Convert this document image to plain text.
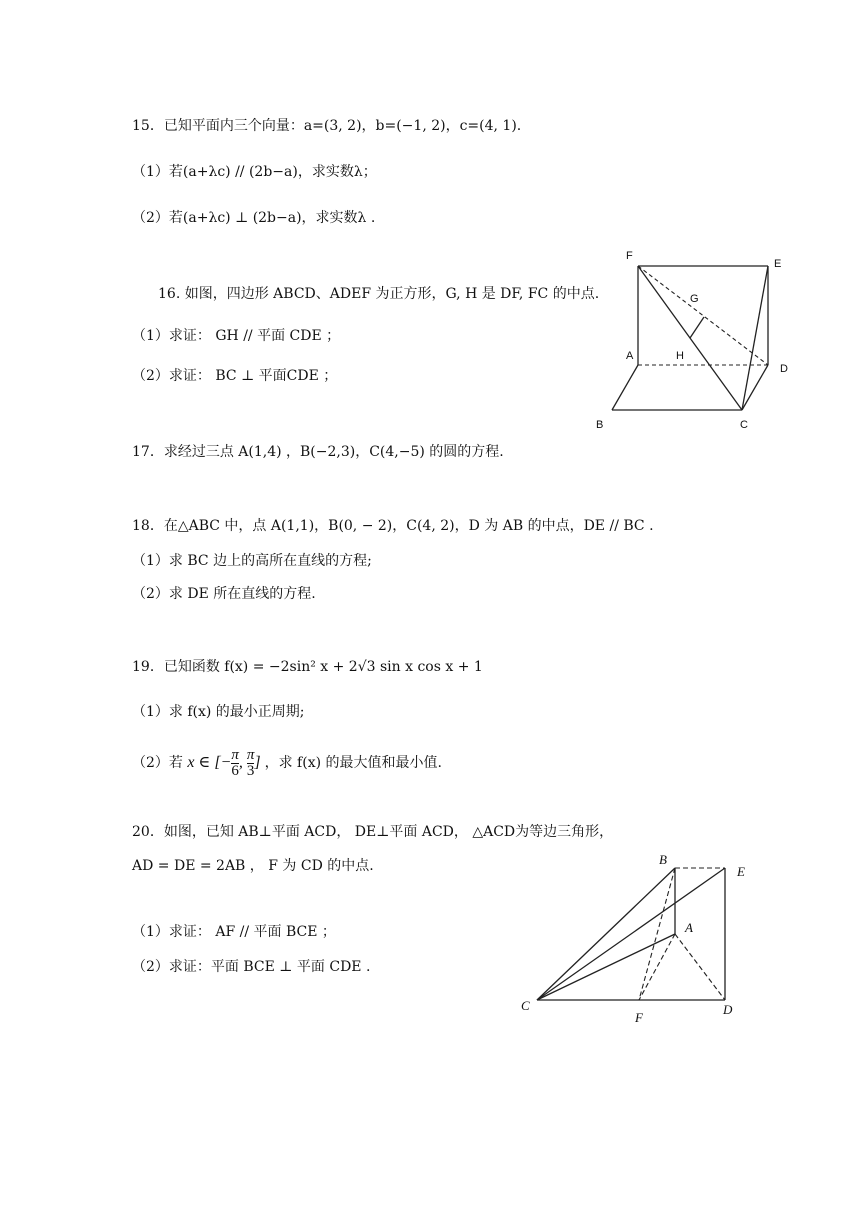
15．已知平面内三个向量：a=(3, 2)，b=(−1, 2)，c=(4, 1).
（1）若(a+λc) // (2b−a)，求实数λ；
（2）若(a+λc) ⊥ (2b−a)，求实数λ .
16. 如图，四边形 ABCD、ADEF 为正方形，G, H 是 DF, FC 的中点.
（1）求证： GH // 平面 CDE ；
（2）求证： BC ⊥ 平面CDE ；
F
E
G
A	H
D
B	C
17．求经过三点 A(1,4) ，B(−2,3)，C(4,−5) 的圆的方程.
18．在△ABC 中，点 A(1,1)，B(0, − 2)，C(4, 2)，D 为 AB 的中点，DE // BC .
（1）求 BC 边上的高所在直线的方程;
（2）求 DE 所在直线的方程.
19．已知函数 f(x) = −2sin² x + 2√3 sin x cos x + 1
（1）求 f(x) 的最小正周期;
（2）若 x ∈ [− $\frac{\pi}{6}$ , $\frac{\pi}{3}$ ] ，求 f(x) 的最大值和最小值.
20．如图，已知 AB⊥平面 ACD， DE⊥平面 ACD， △ACD为等边三角形，
AD = DE = 2AB ， F 为 CD 的中点.
（1）求证： AF // 平面 BCE ；
（2）求证：平面 BCE ⊥ 平面 CDE .
B
E
A
C
F
D
